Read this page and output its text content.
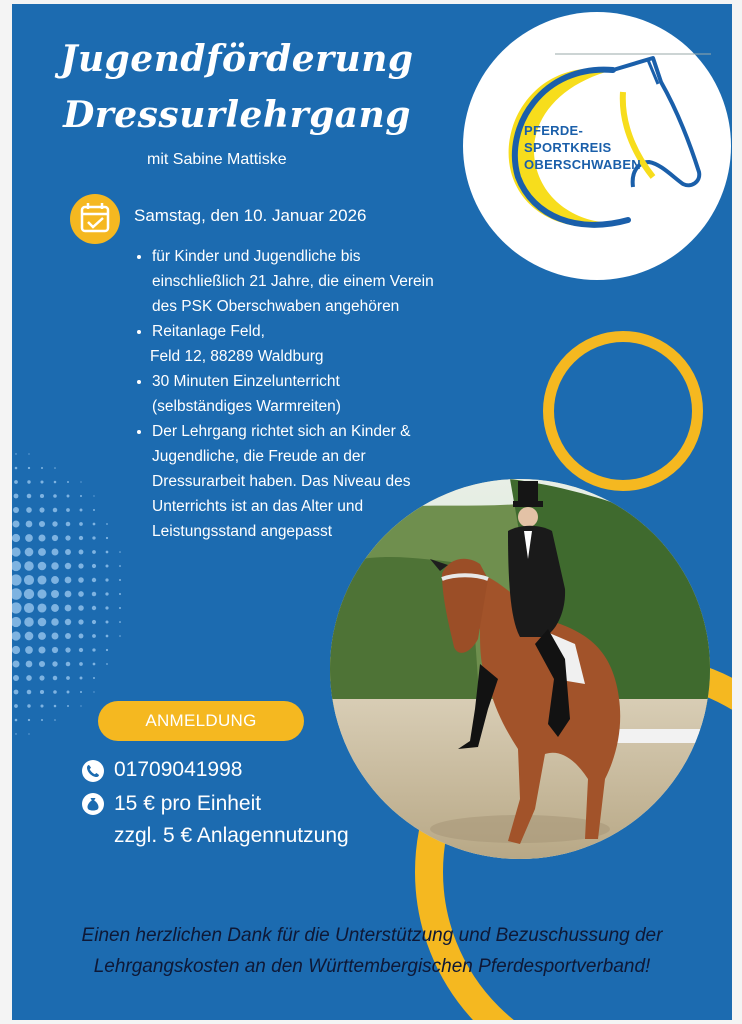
Jugendförderung
Dressurlehrgang
mit Sabine Mattiske
PFERDE-
SPORTKREIS
OBERSCHWABEN
Samstag, den 10. Januar 2026
• für Kinder und Jugendliche bis
einschließlich 21 Jahre, die einem Verein
des PSK Oberschwaben angehören
• Reitanlage Feld,
Feld 12, 88289 Waldburg
• 30 Minuten Einzelunterricht
(selbständiges Warmreiten)
• Der Lehrgang richtet sich an Kinder &
Jugendliche, die Freude an der
Dressurarbeit haben. Das Niveau des
Unterrichts ist an das Alter und
Leistungsstand angepasst
ANMELDUNG
01709041998
15 € pro Einheit
zzgl. 5 € Anlagennutzung
Einen herzlichen Dank für die Unterstützung und Bezuschussung der
Lehrgangskosten an den Württembergischen Pferdesportverband!
